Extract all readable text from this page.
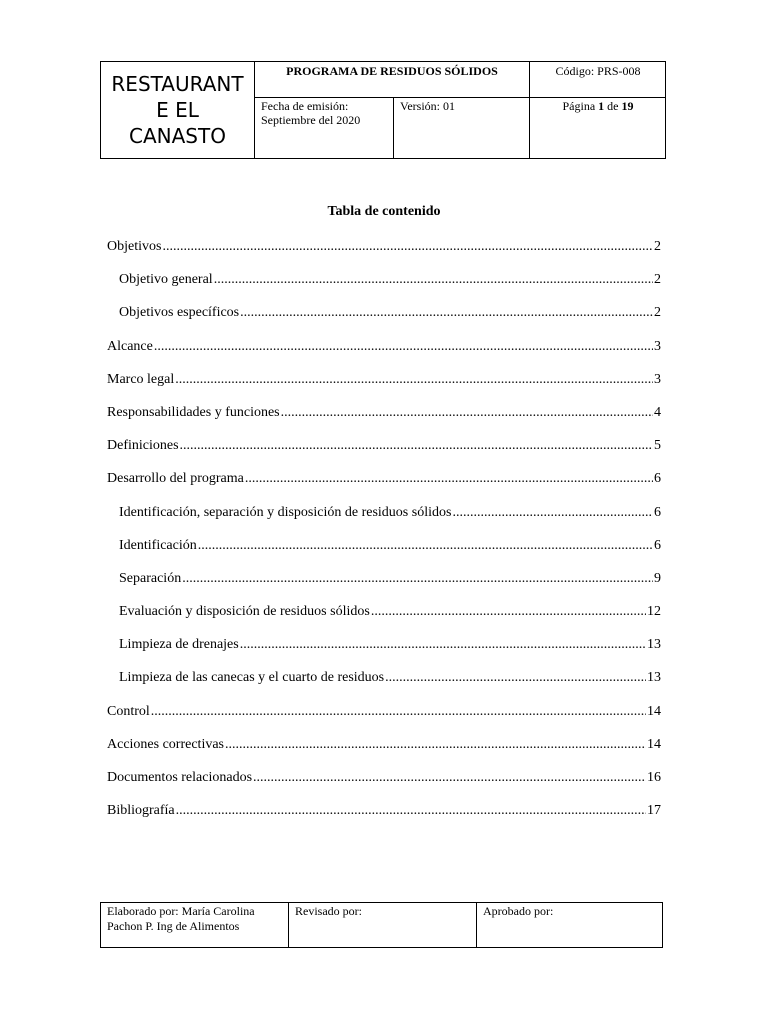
RESTAURANT
E EL
CANASTO
PROGRAMA DE RESIDUOS SÓLIDOS	Código: PRS-008
Fecha de emisión:
Septiembre del 2020
Versión: 01	Página 1 de 19
Tabla de contenido
Objetivos .....	2
Objetivo general .....	2
Objetivos específicos .....	2
Alcance .....	3
Marco legal .....	3
Responsabilidades y funciones .....	4
Definiciones .....	5
Desarrollo del programa .....	6
Identificación, separación y disposición de residuos sólidos .....	6
Identificación .....	6
Separación .....	9
Evaluación y disposición de residuos sólidos .....	12
Limpieza de drenajes .....	13
Limpieza de las canecas y el cuarto de residuos .....	13
Control .....	14
Acciones correctivas .....	14
Documentos relacionados .....	16
Bibliografía .....	17
Elaborado por: María Carolina
Pachon P. Ing de Alimentos
Revisado por:	Aprobado por:
